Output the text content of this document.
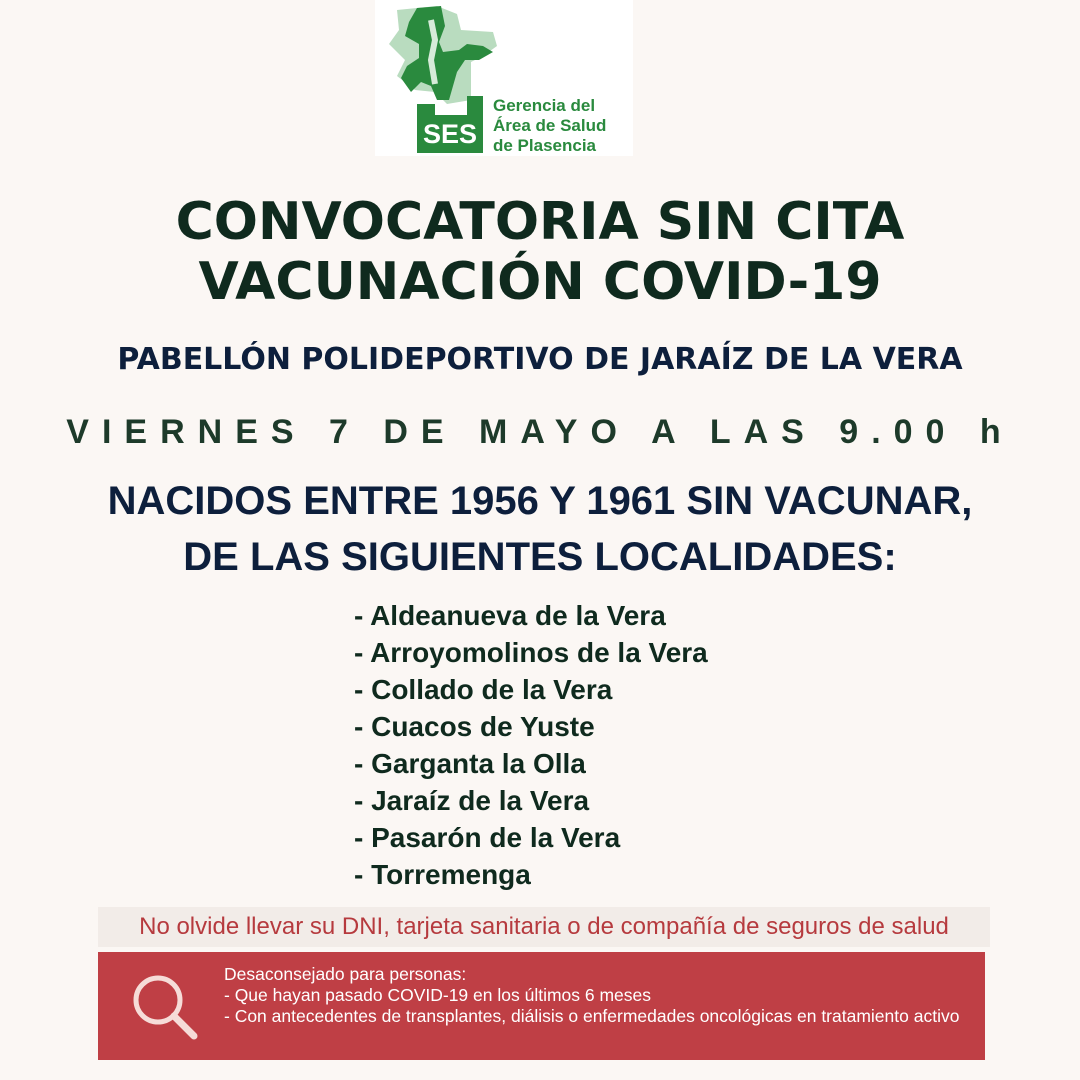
SES
Gerencia del
Área de Salud
de Plasencia
CONVOCATORIA SIN CITA
VACUNACIÓN COVID-19
PABELLÓN POLIDEPORTIVO DE JARAÍZ DE LA VERA
VIERNES 7 DE MAYO A LAS 9.00 h
NACIDOS ENTRE 1956 Y 1961 SIN VACUNAR,
DE LAS SIGUIENTES LOCALIDADES:
- Aldeanueva de la Vera
- Arroyomolinos de la Vera
- Collado de la Vera
- Cuacos de Yuste
- Garganta la Olla
- Jaraíz de la Vera
- Pasarón de la Vera
- Torremenga
No olvide llevar su DNI, tarjeta sanitaria o de compañía de seguros de salud
Desaconsejado para personas:
- Que hayan pasado COVID-19 en los últimos 6 meses
- Con antecedentes de transplantes, diálisis o enfermedades oncológicas en tratamiento activo
